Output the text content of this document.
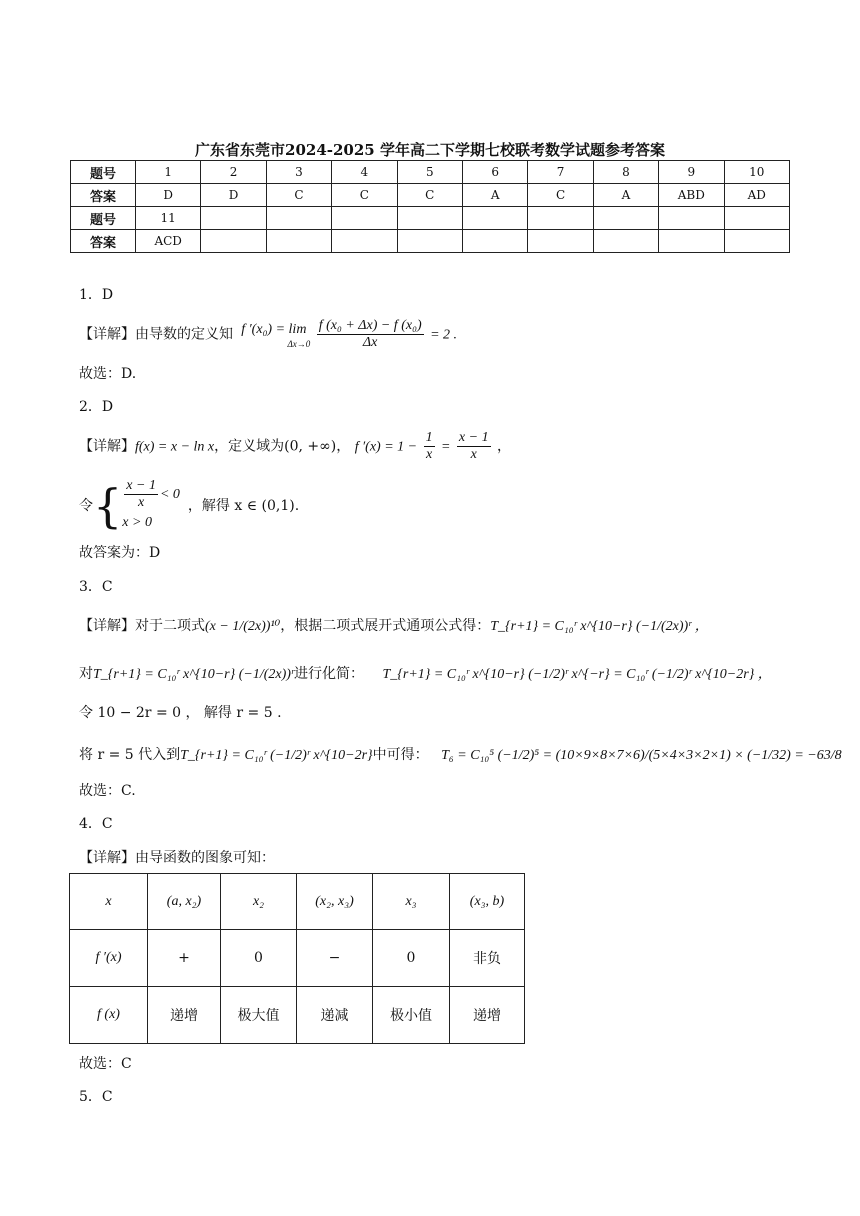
广东省东莞市2024-2025 学年高二下学期七校联考数学试题参考答案
题号	1	2	3	4	5	6	7	8	9	10
答案	D	D	C	C	C	A	C	A	ABD	AD
题号	11									
答案	ACD									
1．D
【详解】由导数的定义知 f ′(x₀) = lim
Δx→0
$\frac{\text{f (x₀ + Δx) − f (x₀)}}{\Delta x} = 2$ .
故选：D.
2．D
【详解】f(x) = x − ln x，定义域为(0, +∞)， f $'(x) = 1 - \frac{1}{x} = \frac{x - 1}{x}$ ，
令 { $\frac{x - 1}{x} < 0$
x > 0
，解得 x ∈ (0,1).
故答案为：D
3．C
【详解】对于二项式(x − 1/(2x))¹⁰，根据二项式展开式通项公式得：T_{r+1} = C₁₀ʳ x^{10−r} (−1/(2x))ʳ ，
对T_{r+1} = C₁₀ʳ x^{10−r} (−1/(2x))ʳ进行化简： T_{r+1} = C₁₀ʳ x^{10−r} (−1/2)ʳ x^{−r} = C₁₀ʳ (−1/2)ʳ x^{10−2r} ，
令 10 − 2r = 0 ， 解得 r = 5 .
将 r = 5 代入到T_{r+1} = C₁₀ʳ (−1/2)ʳ x^{10−2r}中可得： T₆ = C₁₀⁵ (−1/2)⁵ = (10×9×8×7×6)/(5×4×3×2×1) × (−1/32) = −63/8
故选：C.
4．C
【详解】由导函数的图象可知：
x	(a, x₂)	x₂	(x₂, x₃)	x₃	(x₃, b)
f ′(x)	+	0	−	0	非负
f (x)	递增	极大值	递减	极小值	递增
故选：C
5．C
